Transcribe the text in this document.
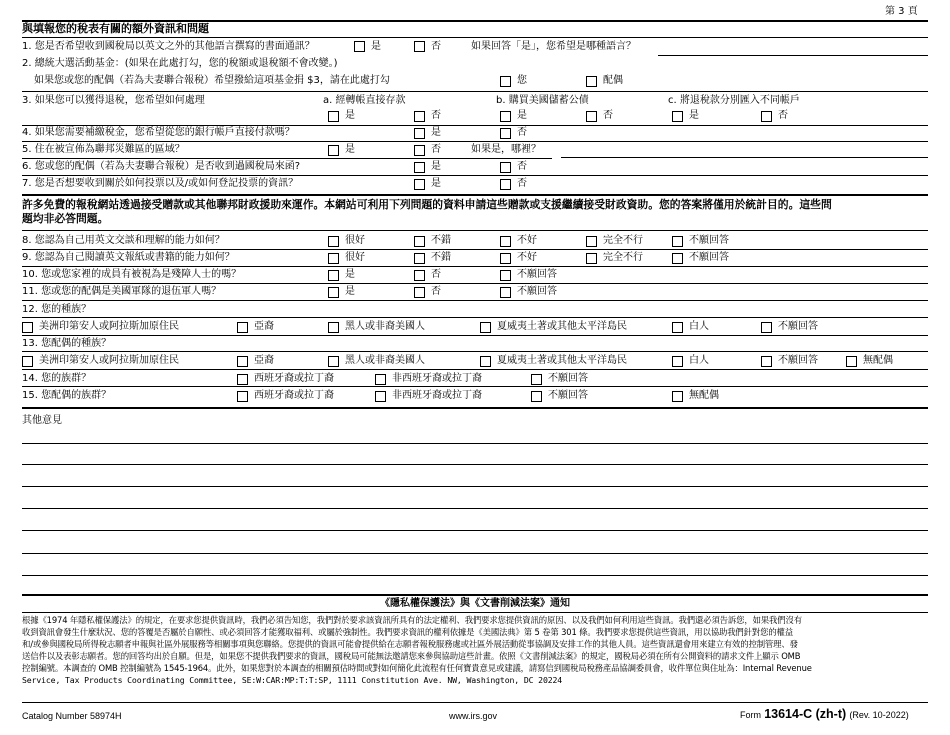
第 3 頁
與填報您的稅表有關的額外資訊和問題
1. 您是否希望收到國稅局以英文之外的其他語言撰寫的書面通訊？	是	否	如果回答「是」，您希望是哪種語言？
2. 總統大選活動基金：(如果在此處打勾，您的稅額或退稅額不會改變。)
如果您或您的配偶（若為夫妻聯合報稅）希望撥給這項基金捐 $3，請在此處打勾	您	配偶
3. 如果您可以獲得退稅，您希望如何處理	a. 經轉帳直接存款	b. 購買美國儲蓄公債	c. 將退稅款分別匯入不同帳戶
是	否	是	否	是	否
4. 如果您需要補繳稅金，您希望從您的銀行帳戶直接付款嗎？	是	否
5. 住在被宣佈為聯邦災難區的區域？	是	否	如果是，哪裡？
6. 您或您的配偶（若為夫妻聯合報稅）是否收到過國稅局來函?	是	否
7. 您是否想要收到關於如何投票以及/或如何登記投票的資訊？	是	否
許多免費的報稅網站透過接受贈款或其他聯邦財政援助來運作。本網站可利用下列問題的資料申請這些贈款或支援繼續接受財政資助。您的答案將僅用於統計目的。這些問
題均非必答問題。
8. 您認為自己用英文交談和理解的能力如何？	很好	不錯	不好	完全不行	不願回答
9. 您認為自己閱讀英文報紙或書籍的能力如何？	很好	不錯	不好	完全不行	不願回答
10. 您或您家裡的成員有被視為是殘障人士的嗎？	是	否	不願回答
11. 您或您的配偶是美國軍隊的退伍軍人嗎？	是	否	不願回答
12. 您的種族？
美洲印第安人或阿拉斯加原住民	亞裔	黑人或非裔美國人	夏威夷土著或其他太平洋島民	白人	不願回答
13. 您配偶的種族？
美洲印第安人或阿拉斯加原住民	亞裔	黑人或非裔美國人	夏威夷土著或其他太平洋島民	白人	不願回答	無配偶
14. 您的族群？	西班牙裔或拉丁裔	非西班牙裔或拉丁裔	不願回答
15. 您配偶的族群？	西班牙裔或拉丁裔	非西班牙裔或拉丁裔	不願回答	無配偶
其他意見
《隱私權保護法》與《文書削減法案》通知
根據《1974 年隱私權保護法》的規定，在要求您提供資訊時，我們必須告知您，我們對於要求該資訊所具有的法定權利、我們要求您提供資訊的原因、以及我們如何利用這些資訊。我們還必須告訴您，如果我們沒有
收到資訊會發生什麼狀況、您的答覆是否屬於自願性、或必須回答才能獲取福利、或屬於強制性。我們要求資訊的權利依據是《美國法典》第 5 卷第 301 條。我們要求您提供這些資訊，用以協助我們針對您的權益
和/或參與國稅局所得稅志願者申報與社區外展服務等相關事項與您聯絡。您提供的資訊可能會提供給在志願者報稅服務處或社區外展活動從事協調及安排工作的其他人員。這些資訊還會用來建立有效的控制管理、發
送信件以及表彰志願者。您的回答均出於自願。但是，如果您不提供我們要求的資訊，國稅局可能無法邀請您來參與協助這些計畫。依照《文書削減法案》的規定，國稅局必須在所有公開資料的請求文件上顯示 OMB
控制編號。本調查的 OMB 控制編號為 1545-1964。此外，如果您對於本調查的相關預估時間或對如何簡化此流程有任何寶貴意見或建議，請寫信到國稅局稅務產品協調委員會，收件單位與住址為：Internal Revenue
Service, Tax Products Coordinating Committee, SE:W:CAR:MP:T:T:SP, 1111 Constitution Ave. NW, Washington, DC 20224
Catalog Number 58974H	www.irs.gov	Form 13614-C (zh-t) (Rev. 10-2022)
